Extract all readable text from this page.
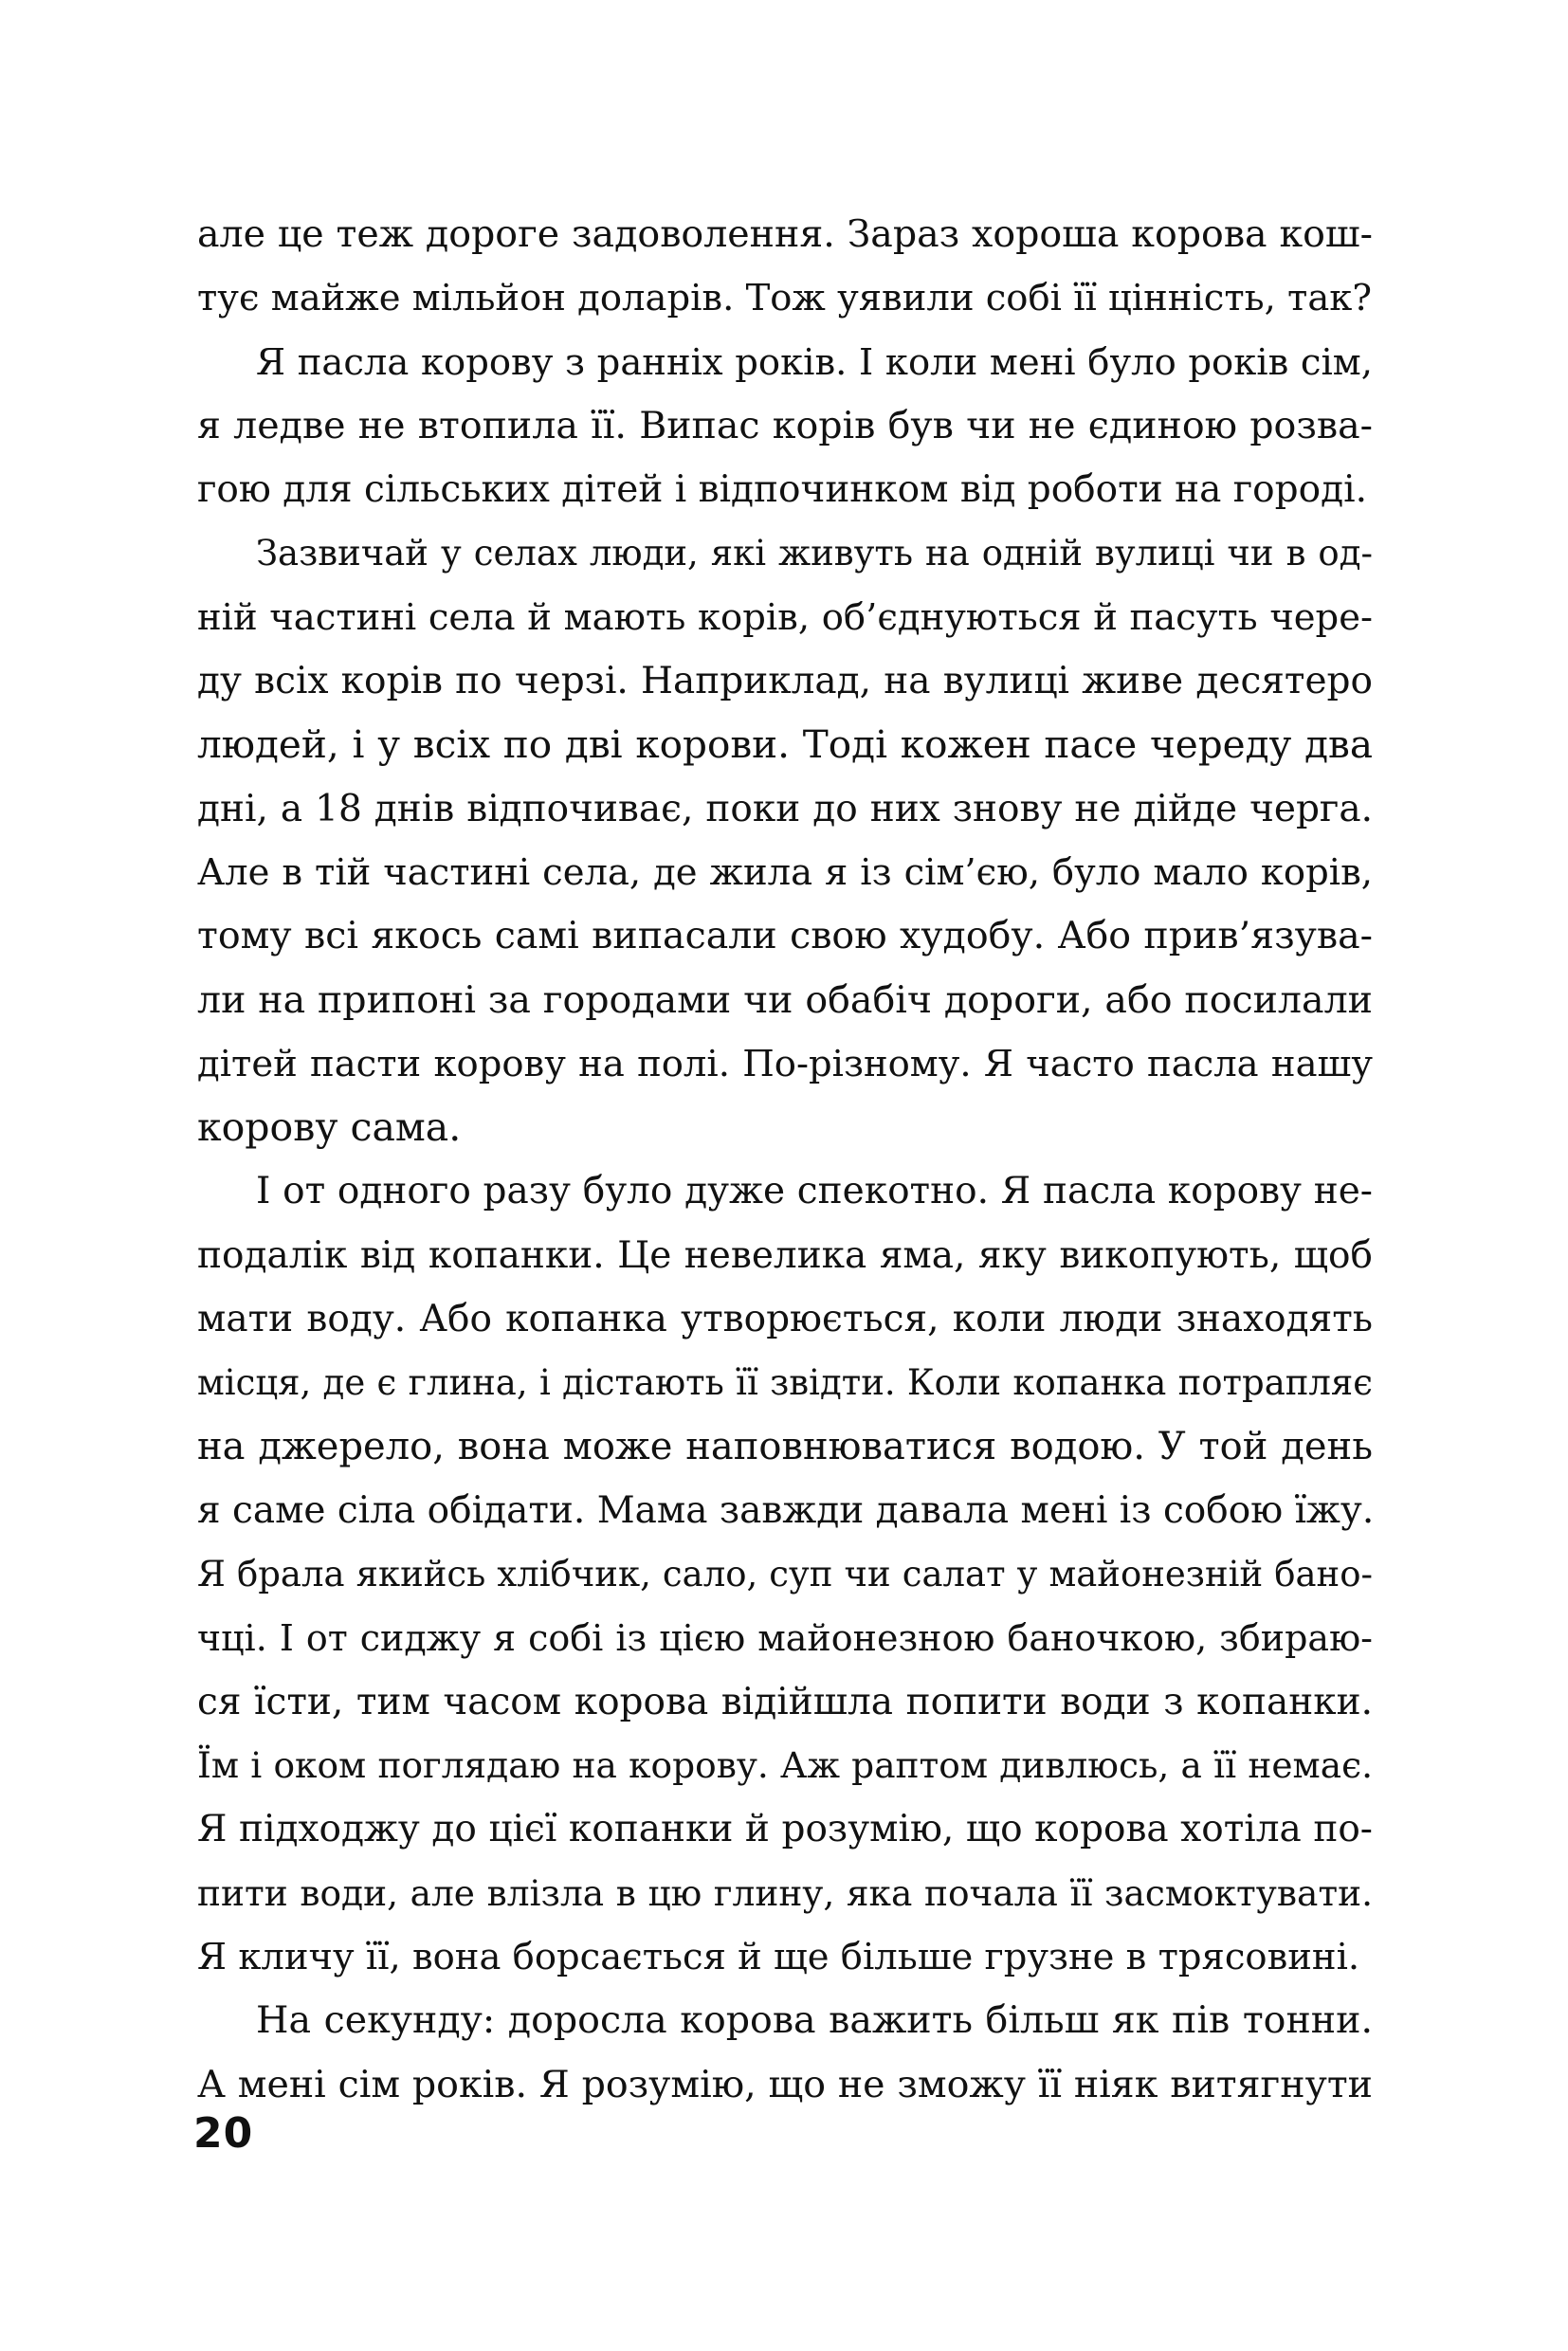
але це теж дороге задоволення. Зараз хороша корова кош-
тує майже мільйон доларів. Тож уявили собі її цінність, так?
Я пасла корову з ранніх років. І коли мені було років сім,
я ледве не втопила її. Випас корів був чи не єдиною розва-
гою для сільських дітей і відпочинком від роботи на городі.
Зазвичай у селах люди, які живуть на одній вулиці чи в од-
ній частині села й мають корів, об’єднуються й пасуть чере-
ду всіх корів по черзі. Наприклад, на вулиці живе десятеро
людей, і у всіх по дві корови. Тоді кожен пасе череду два
дні, а 18 днів відпочиває, поки до них знову не дійде черга.
Але в тій частині села, де жила я із сім’єю, було мало корів,
тому всі якось самі випасали свою худобу. Або прив’язува-
ли на припоні за городами чи обабіч дороги, або посилали
дітей пасти корову на полі. По-різному. Я часто пасла нашу
корову сама.
І от одного разу було дуже спекотно. Я пасла корову не-
подалік від копанки. Це невелика яма, яку викопують, щоб
мати воду. Або копанка утворюється, коли люди знаходять
місця, де є глина, і дістають її звідти. Коли копанка потрапляє
на джерело, вона може наповнюватися водою. У той день
я саме сіла обідати. Мама завжди давала мені із собою їжу.
Я брала якийсь хлібчик, сало, суп чи салат у майонезній бано-
чці. І от сиджу я собі із цією майонезною баночкою, збираю-
ся їсти, тим часом корова відійшла попити води з копанки.
Їм і оком поглядаю на корову. Аж раптом дивлюсь, а її немає.
Я підходжу до цієї копанки й розумію, що корова хотіла по-
пити води, але влізла в цю глину, яка почала її засмоктувати.
Я кличу її, вона борсається й ще більше грузне в трясовині.
На секунду: доросла корова важить більш як пів тонни.
А мені сім років. Я розумію, що не зможу її ніяк витягнути
20
